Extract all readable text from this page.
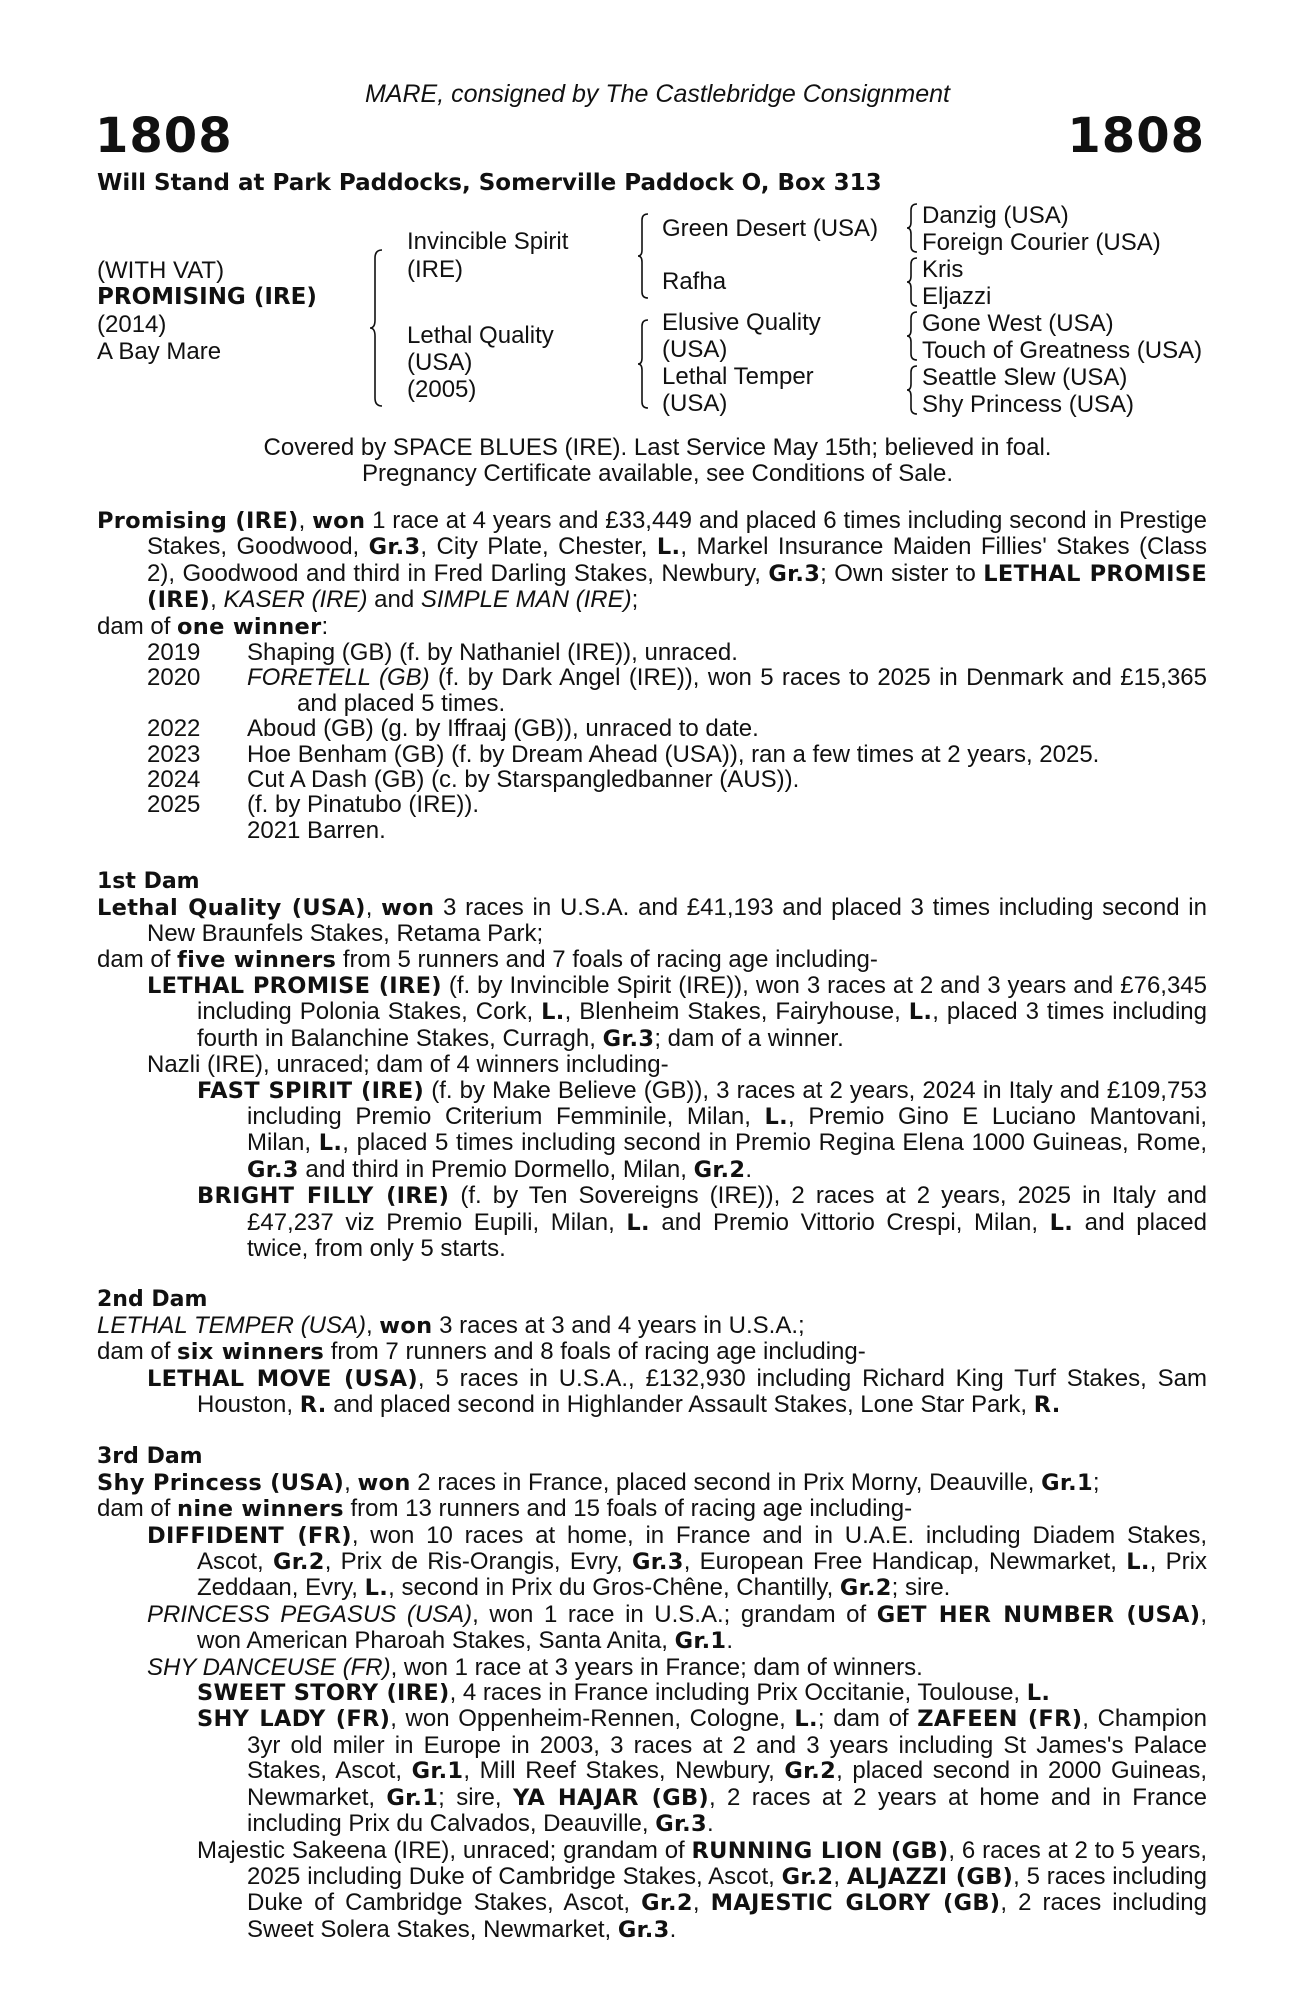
MARE, consigned by The Castlebridge Consignment
1808	1808
Will Stand at Park Paddocks, Somerville Paddock O, Box 313
(WITH VAT)
PROMISING (IRE)
(2014)
A Bay Mare
Invincible Spirit
(IRE)
Lethal Quality
(USA)
(2005)
Green Desert (USA)
Rafha
Elusive Quality
(USA)
Lethal Temper
(USA)
Danzig (USA)
Foreign Courier (USA)
Kris
Eljazzi
Gone West (USA)
Touch of Greatness (USA)
Seattle Slew (USA)
Shy Princess (USA)
Covered by SPACE BLUES (IRE). Last Service May 15th; believed in foal.
Pregnancy Certificate available, see Conditions of Sale.

Promising (IRE), won 1 race at 4 years and £33,449 and placed 6 times including second in Prestige Stakes, Goodwood, Gr.3, City Plate, Chester, L., Markel Insurance Maiden Fillies' Stakes (Class 2), Goodwood and third in Fred Darling Stakes, Newbury, Gr.3; Own sister to LETHAL PROMISE (IRE), KASER (IRE) and SIMPLE MAN (IRE);

dam of one winner:

2019	Shaping (GB) (f. by Nathaniel (IRE)), unraced.
2020	FORETELL (GB) (f. by Dark Angel (IRE)), won 5 races to 2025 in Denmark and £15,365 and placed 5 times.
2022	Aboud (GB) (g. by Iffraaj (GB)), unraced to date.
2023	Hoe Benham (GB) (f. by Dream Ahead (USA)), ran a few times at 2 years, 2025.
2024	Cut A Dash (GB) (c. by Starspangledbanner (AUS)).
2025	(f. by Pinatubo (IRE)).
2021 Barren.

1st Dam

Lethal Quality (USA), won 3 races in U.S.A. and £41,193 and placed 3 times including second in New Braunfels Stakes, Retama Park;

dam of five winners from 5 runners and 7 foals of racing age including-

LETHAL PROMISE (IRE) (f. by Invincible Spirit (IRE)), won 3 races at 2 and 3 years and £76,345 including Polonia Stakes, Cork, L., Blenheim Stakes, Fairyhouse, L., placed 3 times including fourth in Balanchine Stakes, Curragh, Gr.3; dam of a winner.

Nazli (IRE), unraced; dam of 4 winners including-

FAST SPIRIT (IRE) (f. by Make Believe (GB)), 3 races at 2 years, 2024 in Italy and £109,753 including Premio Criterium Femminile, Milan, L., Premio Gino E Luciano Mantovani, Milan, L., placed 5 times including second in Premio Regina Elena 1000 Guineas, Rome, Gr.3 and third in Premio Dormello, Milan, Gr.2.

BRIGHT FILLY (IRE) (f. by Ten Sovereigns (IRE)), 2 races at 2 years, 2025 in Italy and £47,237 viz Premio Eupili, Milan, L. and Premio Vittorio Crespi, Milan, L. and placed twice, from only 5 starts.

2nd Dam

LETHAL TEMPER (USA), won 3 races at 3 and 4 years in U.S.A.;

dam of six winners from 7 runners and 8 foals of racing age including-

LETHAL MOVE (USA), 5 races in U.S.A., £132,930 including Richard King Turf Stakes, Sam Houston, R. and placed second in Highlander Assault Stakes, Lone Star Park, R.

3rd Dam

Shy Princess (USA), won 2 races in France, placed second in Prix Morny, Deauville, Gr.1;

dam of nine winners from 13 runners and 15 foals of racing age including-

DIFFIDENT (FR), won 10 races at home, in France and in U.A.E. including Diadem Stakes, Ascot, Gr.2, Prix de Ris-Orangis, Evry, Gr.3, European Free Handicap, Newmarket, L., Prix Zeddaan, Evry, L., second in Prix du Gros-Chêne, Chantilly, Gr.2; sire.

PRINCESS PEGASUS (USA), won 1 race in U.S.A.; grandam of GET HER NUMBER (USA), won American Pharoah Stakes, Santa Anita, Gr.1.

SHY DANCEUSE (FR), won 1 race at 3 years in France; dam of winners.

SWEET STORY (IRE), 4 races in France including Prix Occitanie, Toulouse, L.

SHY LADY (FR), won Oppenheim-Rennen, Cologne, L.; dam of ZAFEEN (FR), Champion 3yr old miler in Europe in 2003, 3 races at 2 and 3 years including St James's Palace Stakes, Ascot, Gr.1, Mill Reef Stakes, Newbury, Gr.2, placed second in 2000 Guineas, Newmarket, Gr.1; sire, YA HAJAR (GB), 2 races at 2 years at home and in France including Prix du Calvados, Deauville, Gr.3.

Majestic Sakeena (IRE), unraced; grandam of RUNNING LION (GB), 6 races at 2 to 5 years, 2025 including Duke of Cambridge Stakes, Ascot, Gr.2, ALJAZZI (GB), 5 races including Duke of Cambridge Stakes, Ascot, Gr.2, MAJESTIC GLORY (GB), 2 races including Sweet Solera Stakes, Newmarket, Gr.3.
